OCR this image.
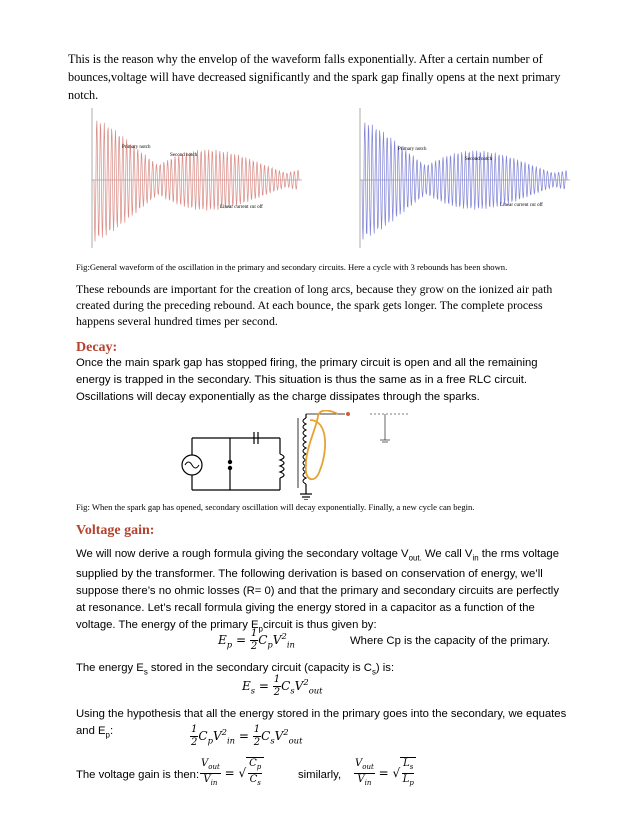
This is the reason why the envelop of the waveform falls exponentially. After a certain number of bounces,voltage will have decreased significantly and the spark gap finally opens at the next primary notch.
Primary notch
Second notch
Linear current cut off
Primary notch
Second notch
Linear current cut off
Fig:General waveform of the oscillation in the primary and secondary circuits. Here a cycle with 3 rebounds has been shown.
These rebounds are important for the creation of long arcs, because they grow on the ionized air path created during the preceding rebound. At each bounce, the spark gets longer. The complete process happens several hundred times per second.
Decay:
Once the main spark gap has stopped firing, the primary circuit is open and all the remaining energy is trapped in the secondary. This situation is thus the same as in a free RLC circuit. Oscillations will decay exponentially as the charge dissipates through the sparks.
Fig: When the spark gap has opened, secondary oscillation will decay exponentially. Finally, a new cycle can begin.
Voltage gain:
We will now derive a rough formula giving the secondary voltage $V_{out.}$ We call $V_{in}$ the rms voltage supplied by the transformer. The following derivation is based on conservation of energy, we’ll suppose there’s no ohmic losses (R= 0) and that the primary and secondary circuits are perfectly at resonance. Let’s recall formula giving the energy stored in a capacitor as a function of the voltage. The energy of the primary $E_pcircuit$ is thus given by:
$E_p = \frac{1}{2} C_pV^2_{in}$	Where Cp is the capacity of the primary.
The energy $E_s$ stored in the secondary circuit (capacity is $C_s$) is:
$E_s = \frac{1}{2} C_sV^2_{out}$
Using the hypothesis that all the energy stored in the primary goes into the secondary, we equates and $E_p$:	$\frac{1}{2} C_pV^2_{in} = \frac{1}{2} C_sV^2_{out}$
The voltage gain is then: $\frac{V_{out}}{V_{in}}$ = √ $\frac{C_p}{C_s}$	similarly, $\frac{V_{out}}{V_{in}}$ = √ $\frac{L_s}{L_p}$
